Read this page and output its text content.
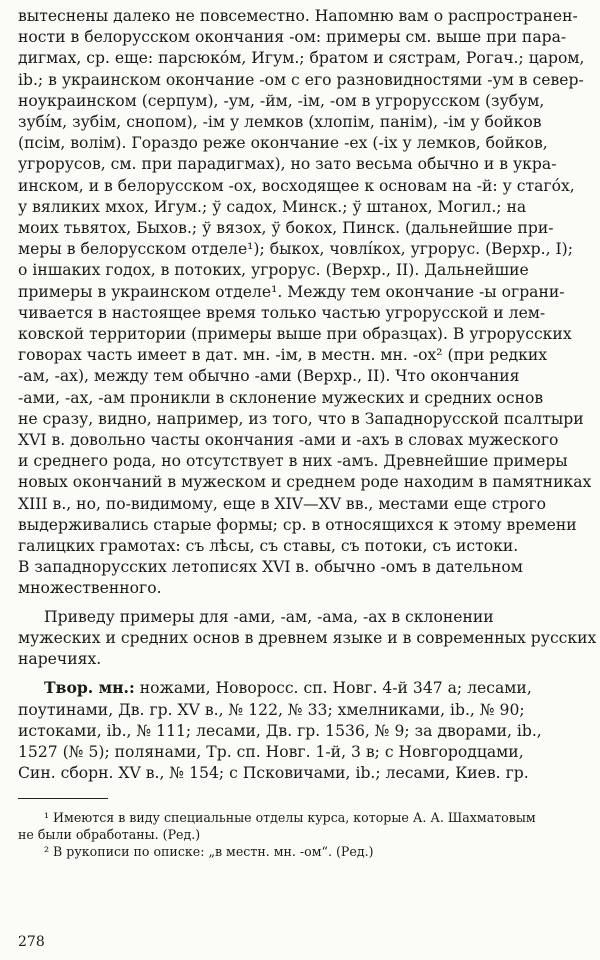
вытеснены далеко не повсеместно. Напомню вам о распространен-
ности в белорусском окончания -ом: примеры см. выше при пара-
дигмах, ср. еще: парсюко́м, Игум.; братом и сястрам, Рогач.; царом,
ib.; в украинском окончание -ом с его разновидностями -ум в север-
ноукраинском (серпум), -ум, -йм, -ім, -ом в угрорусском (зубум,
зубі́м, зубім, снопом), -ім у лемков (хлопім, панім), -ім у бойков
(псім, волім). Гораздо реже окончание -ех (-іх у лемков, бойков,
угрорусов, см. при парадигмах), но зато весьма обычно и в укра-
инском, и в белорусском -ох, восходящее к основам на -й: у стагóх,
у вяликих мхох, Игум.; ў садох, Минск.; ў штанох, Могил.; на
моих тьвятох, Быхов.; ў вязох, ў бокох, Пинск. (дальнейшие при-
меры в белорусском отделе¹); быкох, човлі́кох, угрорус. (Верхр., I);
о іншаких годох, в потоких, угрорус. (Верхр., II). Дальнейшие
примеры в украинском отделе¹. Между тем окончание -ы ограни-
чивается в настоящее время только частью угрорусской и лем-
ковской территории (примеры выше при образцах). В угрорусских
говорах часть имеет в дат. мн. -ім, в местн. мн. -ох² (при редких
-ам, -ах), между тем обычно -ами (Верхр., II). Что окончания
-ами, -ах, -ам проникли в склонение мужеских и средних основ
не сразу, видно, например, из того, что в Западнорусской псалтыри
XVI в. довольно часты окончания -ами и -ахъ в словах мужеского
и среднего рода, но отсутствует в них -амъ. Древнейшие примеры
новых окончаний в мужеском и среднем роде находим в памятниках
XIII в., но, по-видимому, еще в XIV—XV вв., местами еще строго
выдерживались старые формы; ср. в относящихся к этому времени
галицких грамотах: съ лѣсы, съ ставы, съ потоки, съ истоки.
В западнорусских летописях XVI в. обычно -омъ в дательном
множественного.
Приведу примеры для -ами, -ам, -ама, -ах в склонении
мужеских и средних основ в древнем языке и в современных русских
наречиях.
Твор. мн.: ножами, Новоросс. сп. Новг. 4-й 347 а; лесами,
поутинами, Дв. гр. XV в., № 122, № 33; хмелниками, ib., № 90;
истоками, ib., № 111; лесами, Дв. гр. 1536, № 9; за дворами, ib.,
1527 (№ 5); полянами, Тр. сп. Новг. 1-й, 3 в; с Новгородцами,
Син. сборн. XV в., № 154; с Псковичами, ib.; лесами, Киев. гр.
¹ Имеются в виду специальные отделы курса, которые А. А. Шахматовым
не были обработаны. (Ред.)
² В рукописи по описке: „в местн. мн. -ом“. (Ред.)
278
